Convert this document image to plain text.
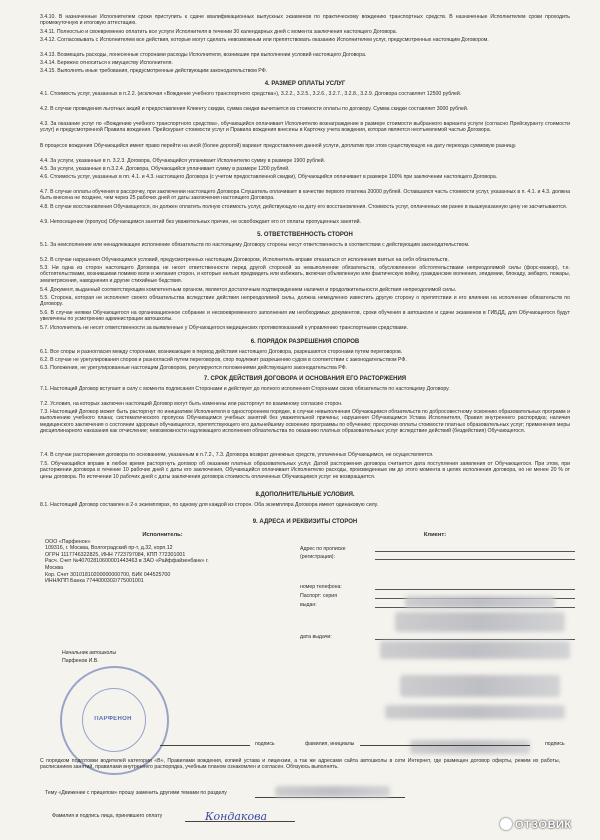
3.4.10. В назначенные Исполнителем сроки приступить к сдаче квалификационных выпускных экзаменов по практическому вождению транспортных средств. В назначенные Исполнителем сроки проходить промежуточную и итоговую аттестацию.

3.4.11. Полностью и своевременно оплатить все услуги Исполнителя в течении 30 календарных дней с момента заключения настоящего Договора.

3.4.12. Согласовывать с Исполнителем все действия, которые могут сделать невозможным или препятствовать оказанию Исполнителем услуг, предусмотренных настоящим Договором.

3.4.13. Возмещать расходы, понесенные сторонами расходы Исполнителя, возникшие при выполнении условий настоящего Договора.

3.4.14. Бережно относиться к имуществу Исполнителя.

3.4.15. Выполнять иные требования, предусмотренные действующим законодательством РФ.

4. РАЗМЕР ОПЛАТЫ УСЛУГ

4.1. Стоимость услуг, указанных в п.2.2. (исключая «Вождение учебного транспортного средства»), 3.2.2., 3.2.5., 3.2.6., 3.2.7., 3.2.8., 3.2.9. Договора составляет 12500 рублей.

4.2. В случае проведения льготных акций и предоставления Клиенту скидки, сумма скидки вычитается из стоимости оплаты по договору. Сумма скидки составляет 3000 рублей.

4.3. За оказание услуг по «Вождению учебного транспортного средства», обучающийся оплачивает Исполнителю вознаграждение в размере стоимости выбранного варианта услуги (согласно Прейскуранту стоимости услуг) и предусмотренной Правила вождения. Прейскурант стоимости услуг и Правила вождения внесены в Карточку учета вождения, которая является неотъемлемой частью Договора.

В процессе вождения Обучающийся имеет право перейти на иной (более дорогой) вариант предоставления данной услуги, доплатив при этом существующую на дату перехода суммовую разницу.

4.4. За услуги, указанные в п. 3.2.3. Договора, Обучающийся уплачивает Исполнителю сумму в размере 1900 рублей.

4.5. За услуги, указанные в п.3.2.4. Договора, Обучающийся уплачивает сумму в размере 1200 рублей.

4.6. Стоимость услуг, указанных в пп. 4.1. и 4.3. настоящего Договора (с учетом предоставленной скидки), Обучающийся оплачивает в размере 100% при заключении настоящего Договора.

4.7. В случае оплаты обучения в рассрочку, при заключении настоящего Договора Слушатель оплачивает в качестве первого платежа 20000 рублей. Оставшаяся часть стоимости услуг, указанных в п. 4.1. и 4.3. должна быть внесена не позднее, чем через 25 рабочих дней от даты заключения настоящего Договора.

4.8. В случае восстановления Обучающегося, он должен оплатить полную стоимость услуг, действующую на дату его восстановления. Стоимость услуг, оплаченных им ранее в вышеуказанную цену не засчитываются.

4.9. Непосещение (пропуск) Обучающимся занятий без уважительных причин, не освобождает его от оплаты пропущенных занятий.

5. ОТВЕТСТВЕННОСТЬ СТОРОН

5.1. За неисполнение или ненадлежащее исполнение обязательств по настоящему Договору стороны несут ответственность в соответствии с действующим законодательством.

5.2. В случае нарушения Обучающимся условий, предусмотренных настоящим Договором, Исполнитель вправе отказаться от исполнения взятых на себя обязательств.

5.3. Ни одна из сторон настоящего Договора не несет ответственности перед другой стороной за невыполнение обязательств, обусловленное обстоятельствами непреодолимой силы (форс-мажор), т.е. обстоятельствами, возникшими помимо воли и желания сторон, и которые нельзя предвидеть или избежать, включая объявленную или фактическую войну, гражданские волнения, эпидемии, блокаду, эмбарго, пожары, землетрясения, наводнения и другие стихийные бедствия.

5.4. Документ, выданный соответствующим компетентным органом, является достаточным подтверждением наличия и продолжительности действия непреодолимой силы.

5.5. Сторона, которая не исполняет своего обязательства вследствие действия непреодолимой силы, должна немедленно известить другую сторону о препятствии и его влиянии на исполнение обязательств по Договору.

5.6. В случае неявки Обучающегося на организационное собрание и несвоевременного заполнения им необходимых документов, сроки обучения в автошколе и сдачи экзаменов в ГИБДД, для Обучающегося будут увеличены по усмотрению администрации автошколы.

5.7. Исполнитель не несет ответственности за выявленные у Обучающегося медицинских противопоказаний к управлению транспортными средствами.

6. ПОРЯДОК РАЗРЕШЕНИЯ СПОРОВ

6.1. Все споры и разногласия между сторонами, возникающие в период действия настоящего Договора, разрешаются сторонами путем переговоров.

6.2. В случае не урегулирования споров и разногласий путем переговоров, спор подлежит разрешению судом в соответствии с законодательством РФ.

6.3. Положения, не урегулированные настоящим Договором, регулируются положениями действующего законодательства РФ.

7. СРОК ДЕЙСТВИЯ ДОГОВОРА И ОСНОВАНИЯ ЕГО РАСТОРЖЕНИЯ

7.1. Настоящий Договор вступает в силу с момента подписания Сторонами и действует до полного исполнения Сторонами своих обязательств по настоящему Договору.

7.2. Условия, на которых заключен настоящий Договор могут быть изменены или расторгнут по взаимному согласию сторон.

7.3. Настоящий Договор может быть расторгнут по инициативе Исполнителя в одностороннем порядке, в случае невыполнения Обучающимся обязательств по добросовестному освоению образовательных программ и выполнению учебного плана; систематического пропуска Обучающимся учебных занятий без уважительной причины; нарушения Обучающимся Устава Исполнителя, Правил внутреннего распорядка; наличия медицинского заключения о состоянии здоровья обучающегося, препятствующего его дальнейшему освоению программы по обучению; просрочки оплаты стоимости платных образовательных услуг; применения меры дисциплинарного наказания как отчисление; невозможности надлежащего исполнения обязательства по оказанию платных образовательных услуг вследствие действий (бездействия) Обучающегося.

7.4. В случае расторжения договора по основаниям, указанным в п.7.2., 7.3. Договора возврат денежных средств, уплаченных Обучающимся, не осуществляется.

7.5. Обучающийся вправе в любое время расторгнуть договор об оказании платных образовательных услуг. Датой расторжения договора считается дата поступления заявления от Обучающегося. При этом, при расторжении договора в течение 10 рабочих дней с даты его заключения, Обучающийся оплачивает Исполнителю расходы, произведенные им до этого момента в целях исполнения договора, но не менее 20 % от цены договора. По истечении 10 рабочих дней с даты заключения договора стоимость оплаченных Обучающимся услуг не возвращается.

8.ДОПОЛНИТЕЛЬНЫЕ УСЛОВИЯ.

8.1. Настоящий Договор составлен в 2-х экземплярах, по одному для каждой из сторон. Оба экземпляра Договора имеют одинаковую силу.

9. АДРЕСА И РЕКВИЗИТЫ СТОРОН

Исполнитель:
ООО «Парфенон»
109316, г. Москва, Волгоградский пр-т, д.32, корп.12
ОГРН 1117746322825, ИНН 7723797084, КПП 772301001
Расч. Счет №40702810600001443463 в ЗАО «Райффайзенбанк» г.
Москва
Кор. Счет 30101810200000000700, БИК 044525700
ИНН/КПП Банка 7744000302/775001001
Начальник автошколы
Парфенов И.В.
Клиент:
Адрес по прописке
(регистрации):
номер телефона:
Паспорт: серия
выдан:
дата выдачи:
ПАРФЕНОН
подпись	фамилия, инициалы	подпись

С порядком подготовки водителей категории «В», Правилами вождения, копией устава и лицензии, а так же адресами сайта автошколы в сети Интернет, где размещен договор оферты, режим их работы, расписанием занятий, правилами внутреннего распорядка, учебным планом ознакомлен и согласен. Обязуюсь выполнять.

Тему «Движение с прицепом» прошу заменить другими темами по разделу
Фамилия и подпись лица, принявшего оплату	Кондакова
ОТЗОВИК
